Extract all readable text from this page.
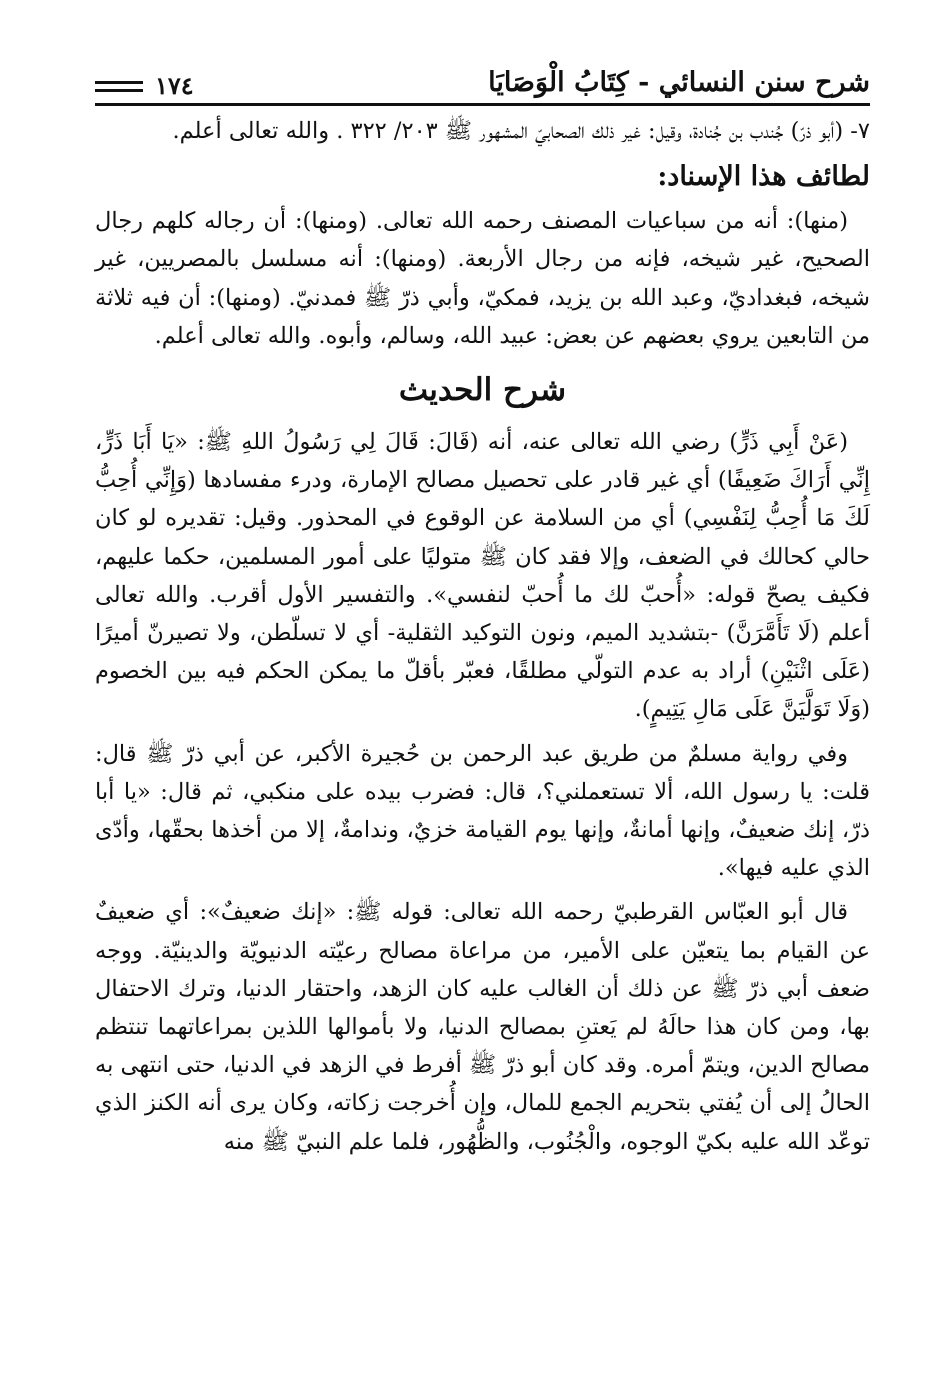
شرح سنن النسائي - كِتَابُ الْوَصَايَا
١٧٤

٧- (أبو ذرّ) جُندب بن جُنادة، وقيل: غير ذلك الصحابيّ المشهور ﷺ ٢٠٣/ ٣٢٢ . والله تعالى أعلم.

لطائف هذا الإسناد:

(منها): أنه من سباعيات المصنف رحمه الله تعالى. (ومنها): أن رجاله كلهم رجال الصحيح، غير شيخه، فإنه من رجال الأربعة. (ومنها): أنه مسلسل بالمصريين، غير شيخه، فبغداديّ، وعبد الله بن يزيد، فمكيّ، وأبي ذرّ ﷺ فمدنيّ. (ومنها): أن فيه ثلاثة من التابعين يروي بعضهم عن بعض: عبيد الله، وسالم، وأبوه. والله تعالى أعلم.

شرح الحديث

(عَنْ أَبِي ذَرٍّ) رضي الله تعالى عنه، أنه (قَالَ: قَالَ لِي رَسُولُ اللهِ ﷺ: «يَا أَبَا ذَرٍّ، إِنِّي أَرَاكَ ضَعِيفًا) أي غير قادر على تحصيل مصالح الإمارة، ودرء مفسادها (وَإِنِّي أُحِبُّ لَكَ مَا أُحِبُّ لِنَفْسِي) أي من السلامة عن الوقوع في المحذور. وقيل: تقديره لو كان حالي كحالك في الضعف، وإلا فقد كان ﷺ متوليًا على أمور المسلمين، حكما عليهم، فكيف يصحّ قوله: «أُحبّ لك ما أُحبّ لنفسي». والتفسير الأول أقرب. والله تعالى أعلم (لَا تَأَمَّرَنَّ) -بتشديد الميم، ونون التوكيد الثقلية- أي لا تسلّطن، ولا تصيرنّ أميرًا (عَلَى اثْنَيْنِ) أراد به عدم التولّي مطلقًا، فعبّر بأقلّ ما يمكن الحكم فيه بين الخصوم (وَلَا تَوَلَّيَنَّ عَلَى مَالِ يَتِيمٍ).

وفي رواية مسلمٌ من طريق عبد الرحمن بن حُجيرة الأكبر، عن أبي ذرّ ﷺ قال: قلت: يا رسول الله، ألا تستعملني؟، قال: فضرب بيده على منكبي، ثم قال: «يا أبا ذرّ، إنك ضعيفٌ، وإنها أمانةٌ، وإنها يوم القيامة خزيٌ، وندامةٌ، إلا من أخذها بحقّها، وأدّى الذي عليه فيها».

قال أبو العبّاس القرطبيّ رحمه الله تعالى: قوله ﷺ: «إنك ضعيفٌ»: أي ضعيفٌ عن القيام بما يتعيّن على الأمير، من مراعاة مصالح رعيّته الدنيويّة والدينيّة. ووجه ضعف أبي ذرّ ﷺ عن ذلك أن الغالب عليه كان الزهد، واحتقار الدنيا، وترك الاحتفال بها، ومن كان هذا حالَهُ لم يَعتنِ بمصالح الدنيا، ولا بأموالها اللذين بمراعاتهما تنتظم مصالح الدين، ويتمّ أمره. وقد كان أبو ذرّ ﷺ أفرط في الزهد في الدنيا، حتى انتهى به الحالُ إلى أن يُفتي بتحريم الجمع للمال، وإن أُخرجت زكاته، وكان يرى أنه الكنز الذي توعّد الله عليه بكيّ الوجوه، والْجُنُوب، والظُّهُور، فلما علم النبيّ ﷺ منه
